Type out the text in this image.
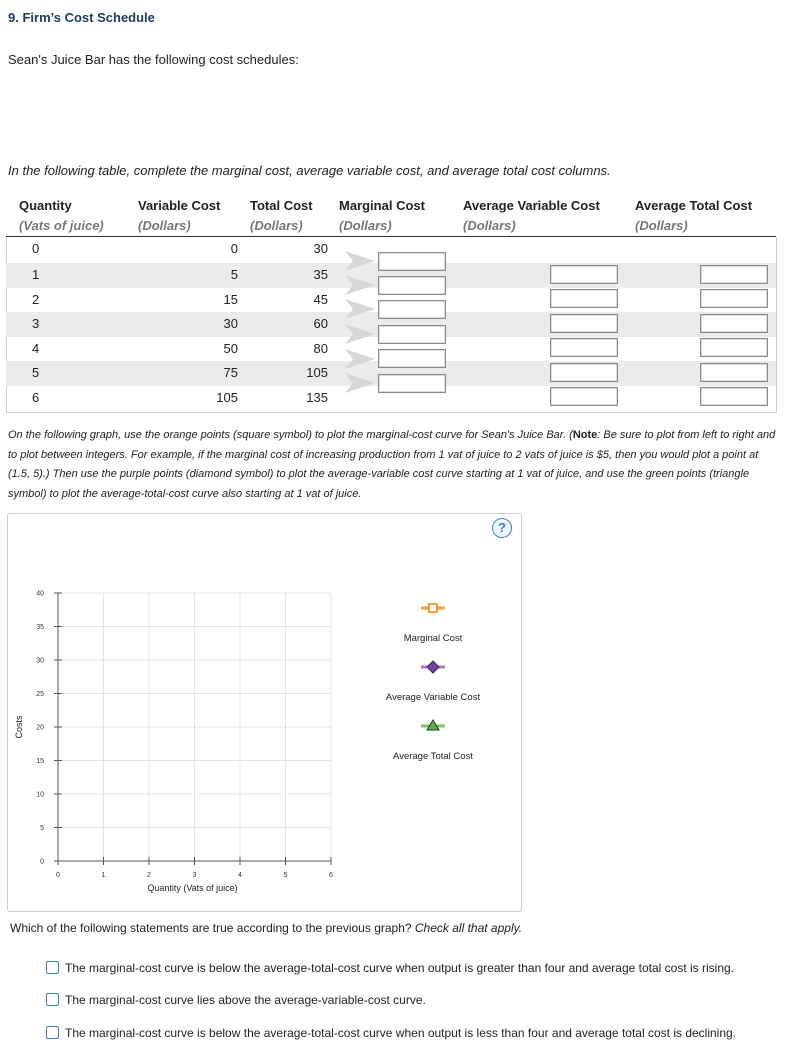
9. Firm’s Cost Schedule
Sean's Juice Bar has the following cost schedules:
In the following table, complete the marginal cost, average variable cost, and average total cost columns.
Quantity
(Vats of juice)
Variable Cost
(Dollars)
Total Cost
(Dollars)
Marginal Cost
(Dollars)
Average Variable Cost
(Dollars)
Average Total Cost
(Dollars)
0	0	30
1	5	35
2	15	45
3	30	60
4	50	80
5	75	105
6	105	135
On the following graph, use the orange points (square symbol) to plot the marginal-cost curve for Sean's Juice Bar. (Note: Be sure to plot from left to right and to plot between integers. For example, if the marginal cost of increasing production from 1 vat of juice to 2 vats of juice is $5, then you would plot a point at (1.5, 5).) Then use the purple points (diamond symbol) to plot the average-variable cost curve starting at 1 vat of juice, and use the green points (triangle symbol) to plot the average-total-cost curve also starting at 1 vat of juice.
?
0	1	2	3	4	5	6
0
5
10
15
20
25
30
35
40
Quantity (Vats of juice)
Costs
Marginal Cost
Average Variable Cost
Average Total Cost
Which of the following statements are true according to the previous graph? Check all that apply.
The marginal-cost curve is below the average-total-cost curve when output is greater than four and average total cost is rising.
The marginal-cost curve lies above the average-variable-cost curve.
The marginal-cost curve is below the average-total-cost curve when output is less than four and average total cost is declining.
